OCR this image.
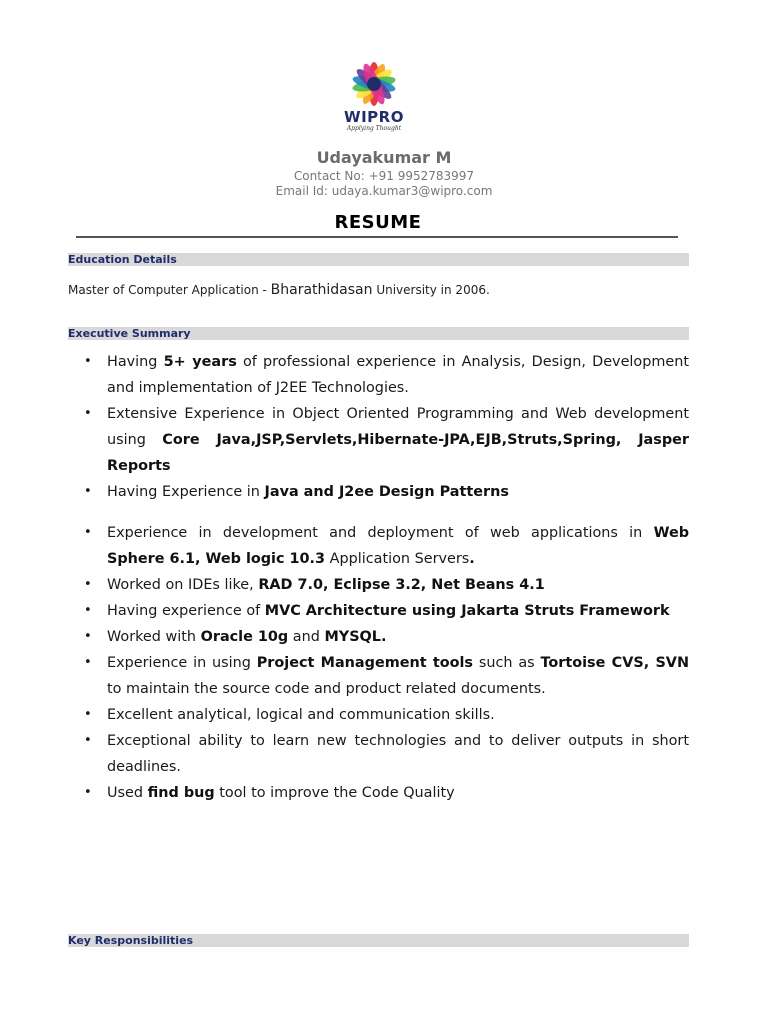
WIPRO
Applying Thought
Udayakumar M
Contact No: +91 9952783997
Email Id: udaya.kumar3@wipro.com
RESUME
Education Details
Master of Computer Application - Bharathidasan University in 2006.
Executive Summary
• Having 5+ years of professional experience in Analysis, Design, Development and implementation of J2EE Technologies.
• Extensive Experience in Object Oriented Programming and Web development using Core Java,JSP,Servlets,Hibernate-JPA,EJB,Struts,Spring, Jasper Reports
• Having Experience in Java and J2ee Design Patterns
• Experience in development and deployment of web applications in Web Sphere 6.1, Web logic 10.3 Application Servers.
• Worked on IDEs like, RAD 7.0, Eclipse 3.2, Net Beans 4.1
• Having experience of MVC Architecture using Jakarta Struts Framework
• Worked with Oracle 10g and MYSQL.
• Experience in using Project Management tools such as Tortoise CVS, SVN to maintain the source code and product related documents.
• Excellent analytical, logical and communication skills.
• Exceptional ability to learn new technologies and to deliver outputs in short deadlines.
• Used find bug tool to improve the Code Quality
Key Responsibilities
